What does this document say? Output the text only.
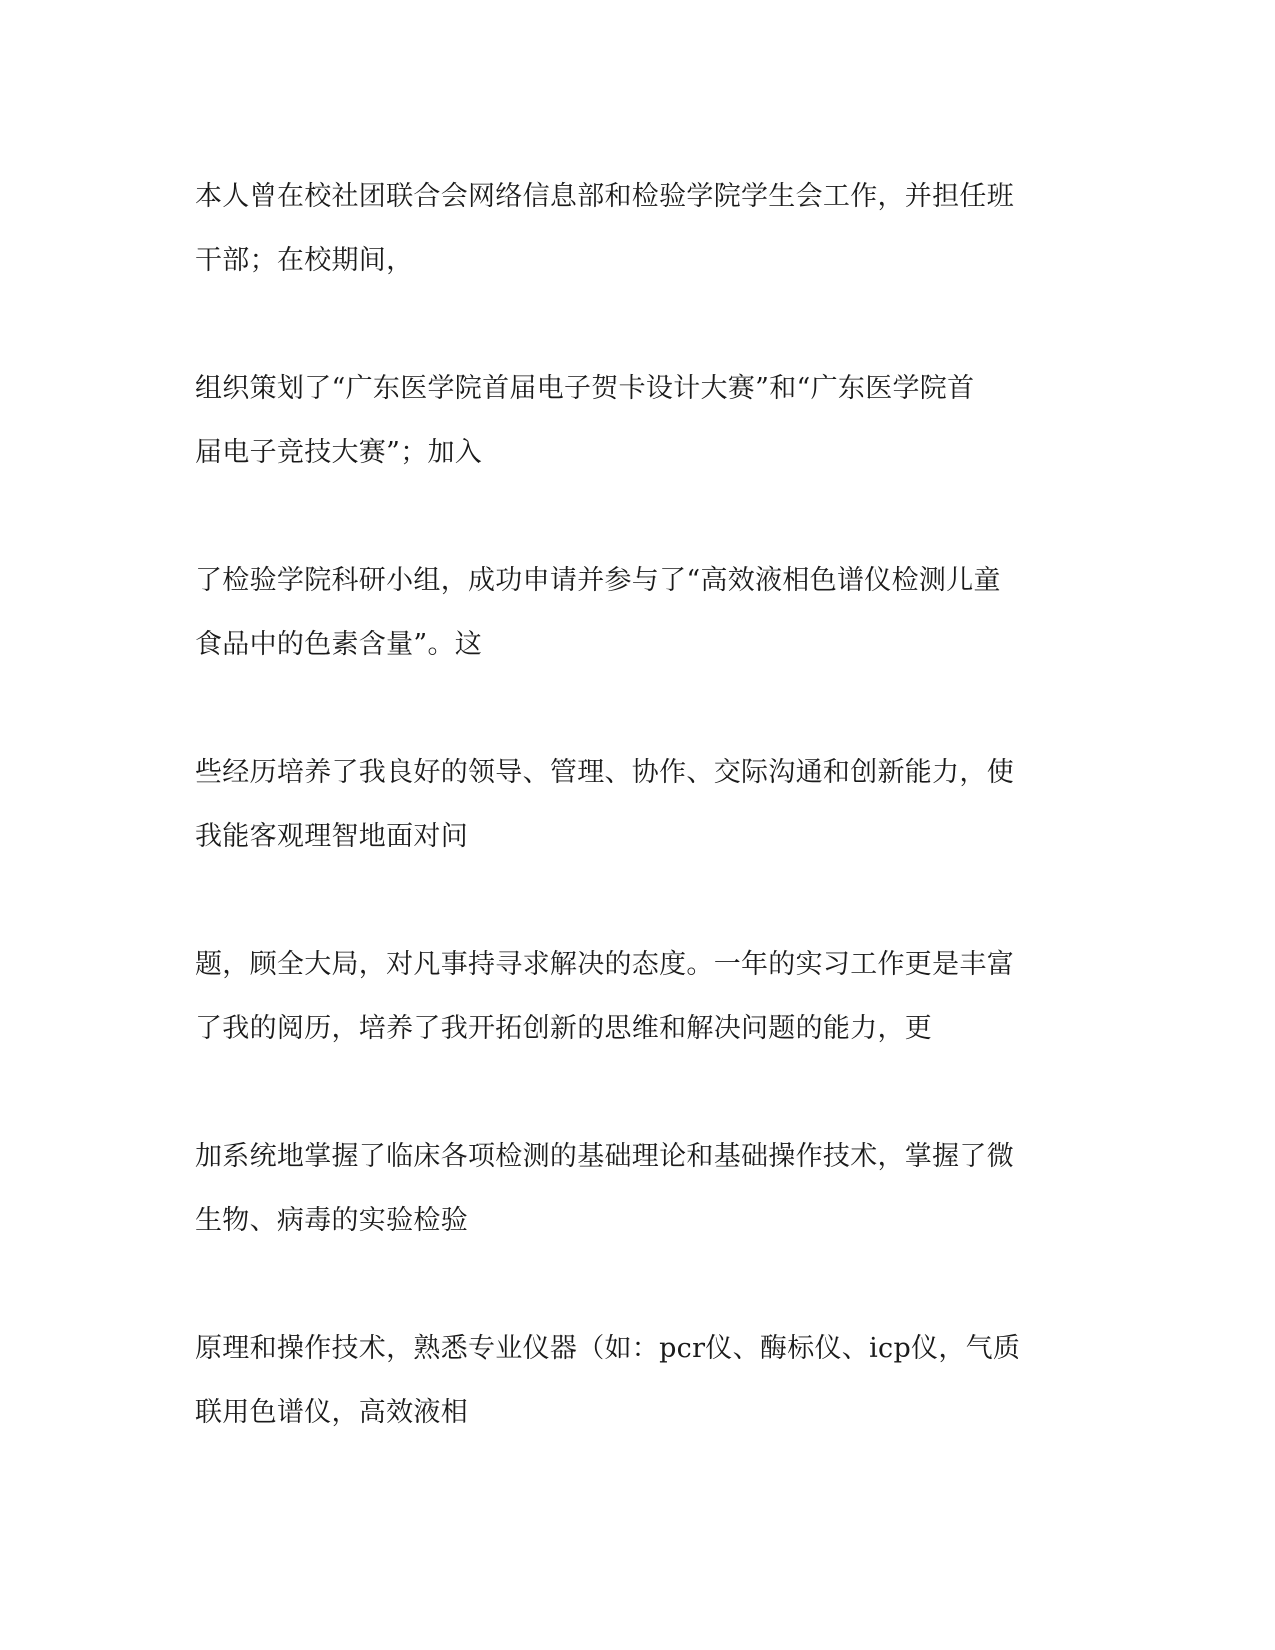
本人曾在校社团联合会网络信息部和检验学院学生会工作，并担任班
干部；在校期间，

组织策划了“广东医学院首届电子贺卡设计大赛”和“广东医学院首
届电子竞技大赛”；加入

了检验学院科研小组，成功申请并参与了“高效液相色谱仪检测儿童
食品中的色素含量”。这

些经历培养了我良好的领导、管理、协作、交际沟通和创新能力，使
我能客观理智地面对问

题，顾全大局，对凡事持寻求解决的态度。一年的实习工作更是丰富
了我的阅历，培养了我开拓创新的思维和解决问题的能力，更

加系统地掌握了临床各项检测的基础理论和基础操作技术，掌握了微
生物、病毒的实验检验

原理和操作技术，熟悉专业仪器（如：pcr仪、酶标仪、icp仪，气质
联用色谱仪，高效液相
